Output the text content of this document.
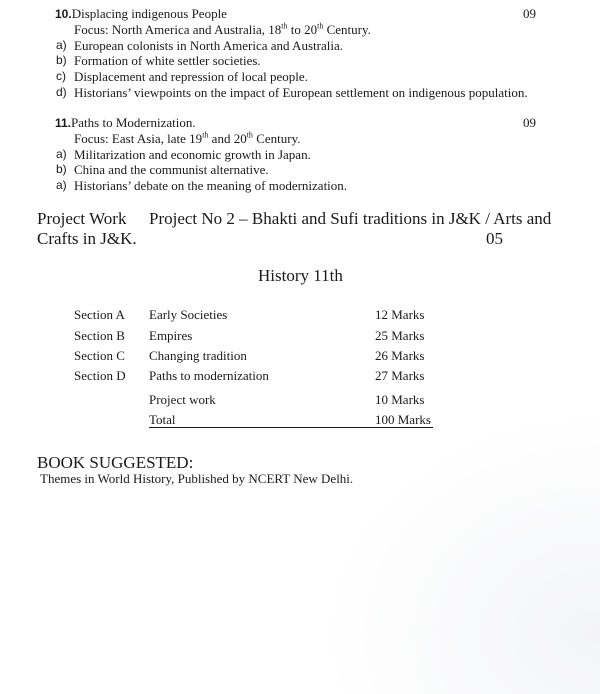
10.Displacing indigenous People	09
Focus: North America and Australia, 18th to 20th Century.
a) European colonists in North America and Australia.
b) Formation of white settler societies.
c) Displacement and repression of local people.
d) Historians’ viewpoints on the impact of European settlement on indigenous population.
11.Paths to Modernization.	09
Focus: East Asia, late 19th and 20th Century.
a) Militarization and economic growth in Japan.
b) China and the communist alternative.
a) Historians’ debate on the meaning of modernization.
Project Work Project No 2 – Bhakti and Sufi traditions in J&K / Arts and
Crafts in J&K.	05
History 11th
Section A Early Societies	12 Marks
Section B Empires	25 Marks
Section C Changing tradition	26 Marks
Section D Paths to modernization	27 Marks
Project work	10 Marks
Total	100 Marks
BOOK SUGGESTED:
Themes in World History, Published by NCERT New Delhi.
